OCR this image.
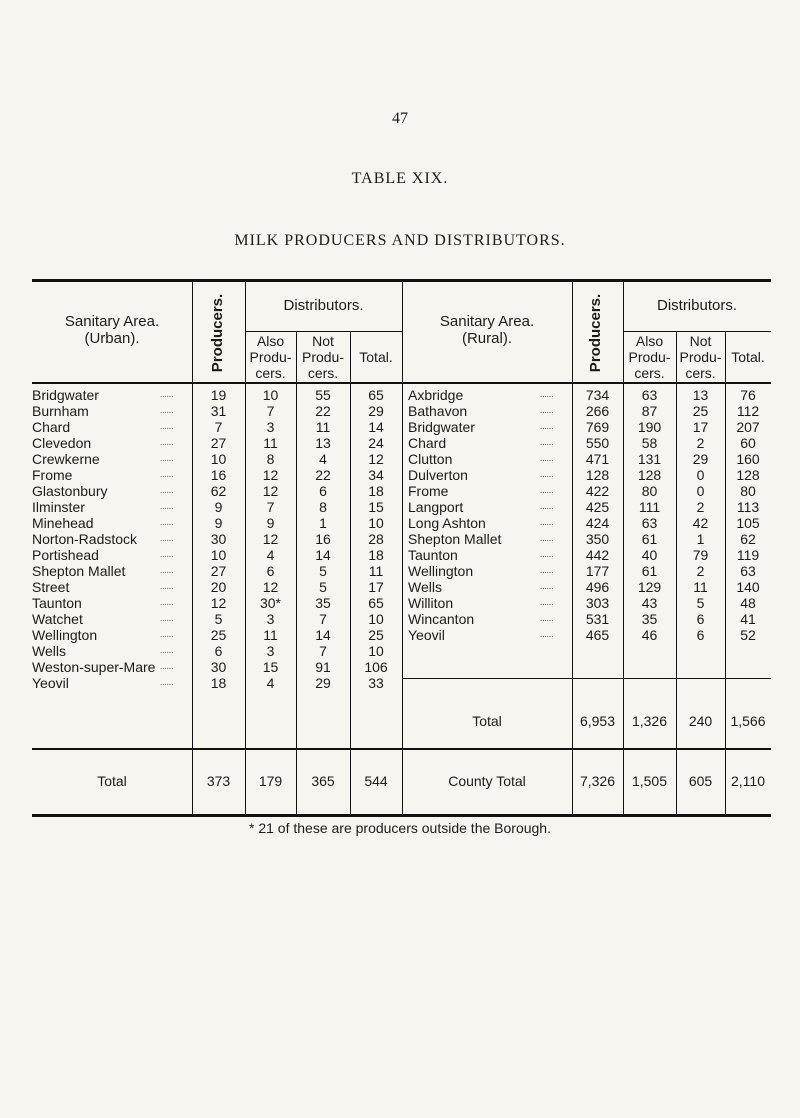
47
TABLE XIX.
MILK PRODUCERS AND DISTRIBUTORS.
Sanitary Area.
(Urban).	Producers.	Distributors.
Also
Produ-
cers.
Not
Produ-
cers.
Total.
Sanitary Area.
(Rural).	Producers.	Distributors.
Also
Produ-
cers.
Not
Produ-
cers.
Total.
Bridgwater	......	19	10	55	65
Burnham	......	31	7	22	29
Chard	......	7	3	11	14
Clevedon	......	27	11	13	24
Crewkerne	......	10	8	4	12
Frome	......	16	12	22	34
Glastonbury	......	62	12	6	18
Ilminster	......	9	7	8	15
Minehead	......	9	9	1	10
Norton-Radstock	......	30	12	16	28
Portishead	......	10	4	14	18
Shepton Mallet	......	27	6	5	11
Street	......	20	12	5	17
Taunton	......	12	30*	35	65
Watchet	......	5	3	7	10
Wellington	......	25	11	14	25
Wells	......	6	3	7	10
Weston-super-Mare ......	30	15	91	106
Yeovil	......	18	4	29	33
Axbridge	......	734	63	13	76
Bathavon	......	266	87	25	112
Bridgwater	......	769	190	17	207
Chard	......	550	58	2	60
Clutton	......	471	131	29	160
Dulverton	......	128	128	0	128
Frome	......	422	80	0	80
Langport	......	425	111	2	113
Long Ashton	......	424	63	42	105
Shepton Mallet	......	350	61	1	62
Taunton	......	442	40	79	119
Wellington	......	177	61	2	63
Wells	......	496	129	11	140
Williton	......	303	43	5	48
Wincanton	......	531	35	6	41
Yeovil	......	465	46	6	52
Total	6,953	1,326	240	1,566
Total	373	179	365	544	County Total	7,326	1,505	605	2,110
* 21 of these are producers outside the Borough.
